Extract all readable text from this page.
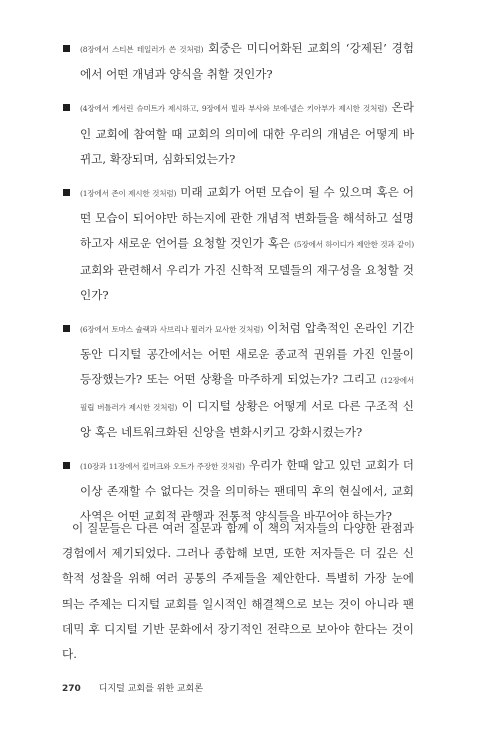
(8장에서 스티븐 테일러가 쓴 것처럼) 회중은 미디어화된 교회의 ‘강제된’ 경험에서 어떤 개념과 양식을 취할 것인가?
(4장에서 케서린 슈미트가 제시하고, 9장에서 빌라 부사와 보에-넬슨 키아부가 제시한 것처럼) 온라인 교회에 참여할 때 교회의 의미에 대한 우리의 개념은 어떻게 바뀌고, 확장되며, 심화되었는가?
(1장에서 존이 제시한 것처럼) 미래 교회가 어떤 모습이 될 수 있으며 혹은 어떤 모습이 되어야만 하는지에 관한 개념적 변화들을 해석하고 설명하고자 새로운 언어를 요청할 것인가 혹은 (5장에서 하이디가 제안한 것과 같이) 교회와 관련해서 우리가 가진 신학적 모델들의 재구성을 요청할 것인가?
(6장에서 토마스 슐랙과 사브리나 뮐러가 묘사한 것처럼) 이처럼 압축적인 온라인 기간 동안 디지털 공간에서는 어떤 새로운 종교적 권위를 가진 인물이 등장했는가? 또는 어떤 상황을 마주하게 되었는가? 그리고 (12장에서 필립 버틀러가 제시한 것처럼) 이 디지털 상황은 어떻게 서로 다른 구조적 신앙 혹은 네트워크화된 신앙을 변화시키고 강화시켰는가?
(10장과 11장에서 킬머크와 오트가 주장한 것처럼) 우리가 한때 알고 있던 교회가 더 이상 존재할 수 없다는 것을 의미하는 팬데믹 후의 현실에서, 교회 사역은 어떤 교회적 관행과 전통적 양식들을 바꾸어야 하는가?

이 질문들은 다른 여러 질문과 함께 이 책의 저자들의 다양한 관점과 경험에서 제기되었다. 그러나 종합해 보면, 또한 저자들은 더 깊은 신학적 성찰을 위해 여러 공통의 주제들을 제안한다. 특별히 가장 눈에 띄는 주제는 디지털 교회를 일시적인 해결책으로 보는 것이 아니라 팬데믹 후 디지털 기반 문화에서 장기적인 전략으로 보아야 한다는 것이다.

270 디지털 교회를 위한 교회론
